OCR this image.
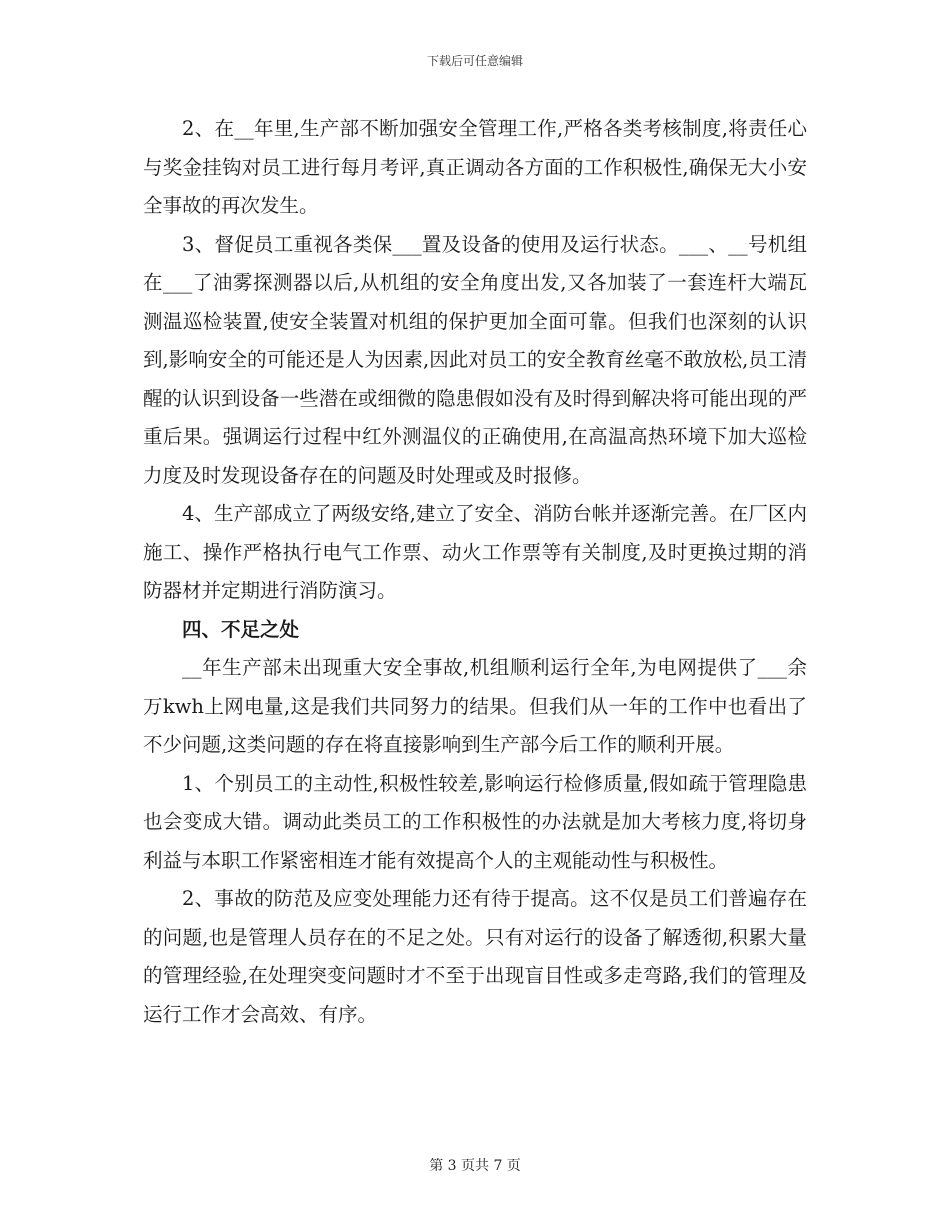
下载后可任意编辑

2、在__年里,生产部不断加强安全管理工作,严格各类考核制度,将责任心与奖金挂钩对员工进行每月考评,真正调动各方面的工作积极性,确保无大小安全事故的再次发生。

3、督促员工重视各类保___置及设备的使用及运行状态。___、__号机组在___了油雾探测器以后,从机组的安全角度出发,又各加装了一套连杆大端瓦测温巡检装置,使安全装置对机组的保护更加全面可靠。但我们也深刻的认识到,影响安全的可能还是人为因素,因此对员工的安全教育丝毫不敢放松,员工清醒的认识到设备一些潜在或细微的隐患假如没有及时得到解决将可能出现的严重后果。强调运行过程中红外测温仪的正确使用,在高温高热环境下加大巡检力度及时发现设备存在的问题及时处理或及时报修。

4、生产部成立了两级安络,建立了安全、消防台帐并逐渐完善。在厂区内施工、操作严格执行电气工作票、动火工作票等有关制度,及时更换过期的消防器材并定期进行消防演习。

四、不足之处

__年生产部未出现重大安全事故,机组顺利运行全年,为电网提供了___余万kwh上网电量,这是我们共同努力的结果。但我们从一年的工作中也看出了不少问题,这类问题的存在将直接影响到生产部今后工作的顺利开展。

1、个别员工的主动性,积极性较差,影响运行检修质量,假如疏于管理隐患也会变成大错。调动此类员工的工作积极性的办法就是加大考核力度,将切身利益与本职工作紧密相连才能有效提高个人的主观能动性与积极性。

2、事故的防范及应变处理能力还有待于提高。这不仅是员工们普遍存在的问题,也是管理人员存在的不足之处。只有对运行的设备了解透彻,积累大量的管理经验,在处理突变问题时才不至于出现盲目性或多走弯路,我们的管理及运行工作才会高效、有序。

第 3 页共 7 页
